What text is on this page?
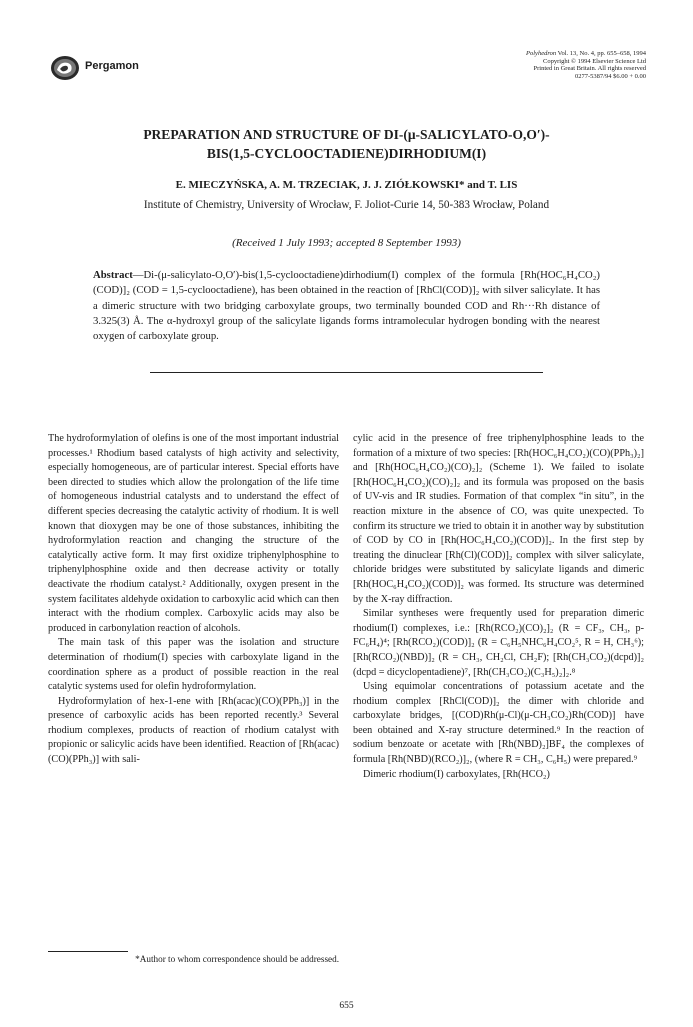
Pergamon
Polyhedron Vol. 13, No. 4, pp. 655–658, 1994
Copyright © 1994 Elsevier Science Ltd
Printed in Great Britain. All rights reserved
0277-5387/94 $6.00 + 0.00
PREPARATION AND STRUCTURE OF DI-(μ-SALICYLATO-O,O′)-
BIS(1,5-CYCLOOCTADIENE)DIRHODIUM(I)
E. MIECZYŃSKA, A. M. TRZECIAK, J. J. ZIÓŁKOWSKI* and T. LIS
Institute of Chemistry, University of Wrocław, F. Joliot-Curie 14, 50-383 Wrocław, Poland
(Received 1 July 1993; accepted 8 September 1993)

Abstract—Di-(μ-salicylato-O,O′)-bis(1,5-cyclooctadiene)dirhodium(I) complex of the formula [Rh(HOC₆H₄CO₂) (COD)]₂ (COD = 1,5-cyclooctadiene), has been obtained in the reaction of [RhCl(COD)]₂ with silver salicylate. It has a dimeric structure with two bridging carboxylate groups, two terminally bounded COD and Rh···Rh distance of 3.325(3) Å. The α-hydroxyl group of the salicylate ligands forms intramolecular hydrogen bonding with the nearest oxygen of carboxylate group.

The hydroformylation of olefins is one of the most important industrial processes.¹ Rhodium based catalysts of high activity and selectivity, especially homogeneous, are of particular interest. Special efforts have been directed to studies which allow the prolongation of the life time of homogeneous industrial catalysts and to understand the effect of different species decreasing the catalytic activity of rhodium. It is well known that dioxygen may be one of those substances, inhibiting the hydroformylation reaction and changing the structure of the catalytically active form. It may first oxidize triphenylphosphine to triphenylphosphine oxide and then decrease activity or totally deactivate the rhodium catalyst.² Additionally, oxygen present in the system facilitates aldehyde oxidation to carboxylic acid which can then interact with the rhodium complex. Carboxylic acids may also be produced in carbonylation reaction of alcohols.

The main task of this paper was the isolation and structure determination of rhodium(I) species with carboxylate ligand in the coordination sphere as a product of possible reaction in the real catalytic systems used for olefin hydroformylation.

Hydroformylation of hex-1-ene with [Rh(acac)(CO)(PPh₃)] in the presence of carboxylic acids has been reported recently.³ Several rhodium complexes, products of reaction of rhodium catalyst with propionic or salicylic acids have been identified. Reaction of [Rh(acac)(CO)(PPh₃)] with sali-

cylic acid in the presence of free triphenylphosphine leads to the formation of a mixture of two species: [Rh(HOC₆H₄CO₂)(CO)(PPh₃)₂] and [Rh(HOC₆H₄CO₂)(CO)₂]₂ (Scheme 1). We failed to isolate [Rh(HOC₆H₄CO₂)(CO)₂]₂ and its formula was proposed on the basis of UV-vis and IR studies. Formation of that complex “in situ”, in the reaction mixture in the absence of CO, was quite unexpected. To confirm its structure we tried to obtain it in another way by substitution of COD by CO in [Rh(HOC₆H₄CO₂)(COD)]₂. In the first step by treating the dinuclear [Rh(Cl)(COD)]₂ complex with silver salicylate, chloride bridges were substituted by salicylate ligands and dimeric [Rh(HOC₆H₄CO₂)(COD)]₂ was formed. Its structure was determined by the X-ray diffraction.

Similar syntheses were frequently used for preparation dimeric rhodium(I) complexes, i.e.: [Rh(RCO₂)(CO)₂]₂ (R = CF₃, CH₃, p-FC₆H₄)⁴; [Rh(RCO₂)(COD)]₂ (R = C₆H₅NHC₆H₄CO₂⁵, R = H, CH₃⁶); [Rh(RCO₂)(NBD)]₂ (R = CH₃, CH₂Cl, CH₂F); [Rh(CH₃CO₂)(dcpd)]₂ (dcpd = dicyclopentadiene)⁷, [Rh(CH₃CO₂)(C₃H₅)₂]₂.⁸

Using equimolar concentrations of potassium acetate and the rhodium complex [RhCl(COD)]₂ the dimer with chloride and carboxylate bridges, [(COD)Rh(μ-Cl)(μ-CH₃CO₂)Rh(COD)] have been obtained and X-ray structure determined.⁹ In the reaction of sodium benzoate or acetate with [Rh(NBD)₂]BF₄ the complexes of formula [Rh(NBD)(RCO₂)]₂, (where R = CH₃, C₆H₅) were prepared.⁹

Dimeric rhodium(I) carboxylates, [Rh(HCO₂)

*Author to whom correspondence should be addressed.
655
